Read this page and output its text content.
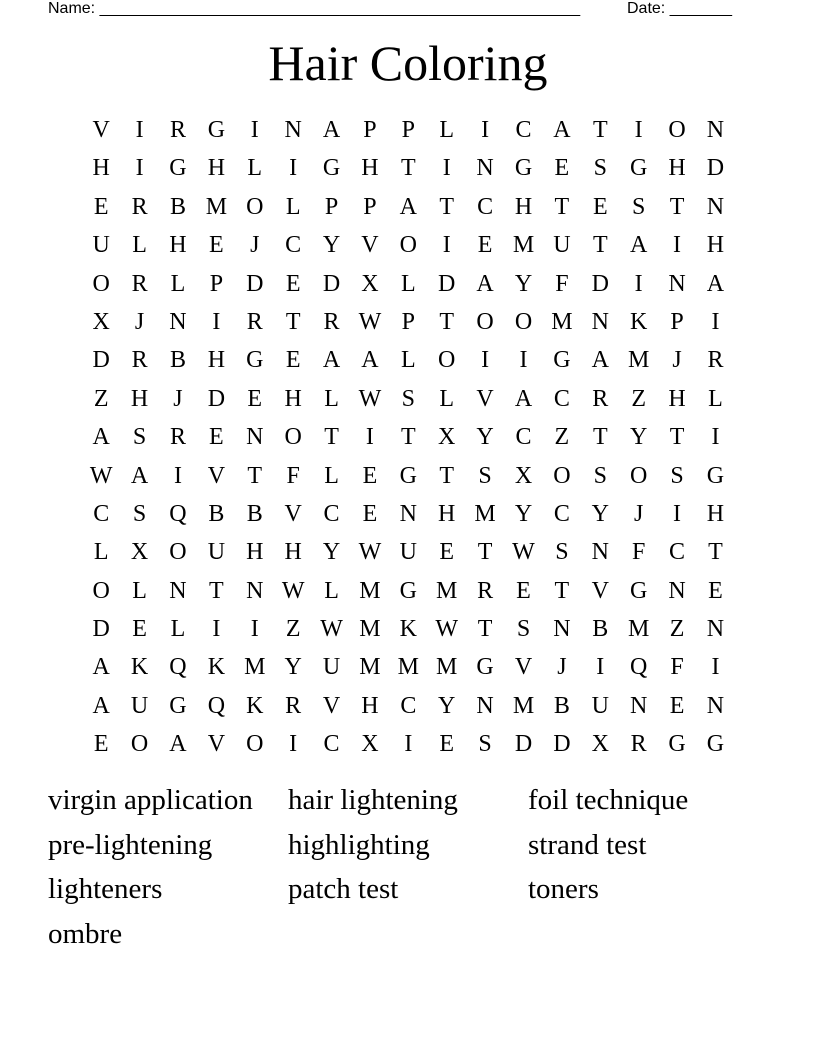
Name: ______________________________________________________	Date: _______
Hair Coloring
V	I	R G	I	N A P	P	L	I	C A T	I	O N
H	I	G H L	I	G H T	I	N G E	S G H D
E R B M O L	P	P A T C H T E	S	T N
U L H E	J	C Y V O	I	E M U T A	I	H
O R L	P D E D X L D A Y F D	I	N A
X	J	N	I	R T R W P	T O O M N K P	I
D R B H G E A A L O	I	I	G A M J	R
Z H	J	D E H L W S	L V A C R Z H L
A S R E N O T	I	T X Y C Z T Y T	I
W A	I	V T	F	L E G T	S X O S O S G
C S Q B B V C E N H M Y C Y	J	I	H
L X O U H H Y W U E T W S N F C T
O L N T N W L M G M R E T V G N E
D E L	I	I	Z W M K W T	S N B M Z N
A K Q K M Y U M M M G V	J	I	Q F	I
A U G Q K R V H C Y N M B U N E N
E O A V O	I	C X	I	E	S D D X R G G
virgin application	hair lightening	foil technique
pre-lightening	highlighting	strand test
lighteners	patch test	toners
ombre
